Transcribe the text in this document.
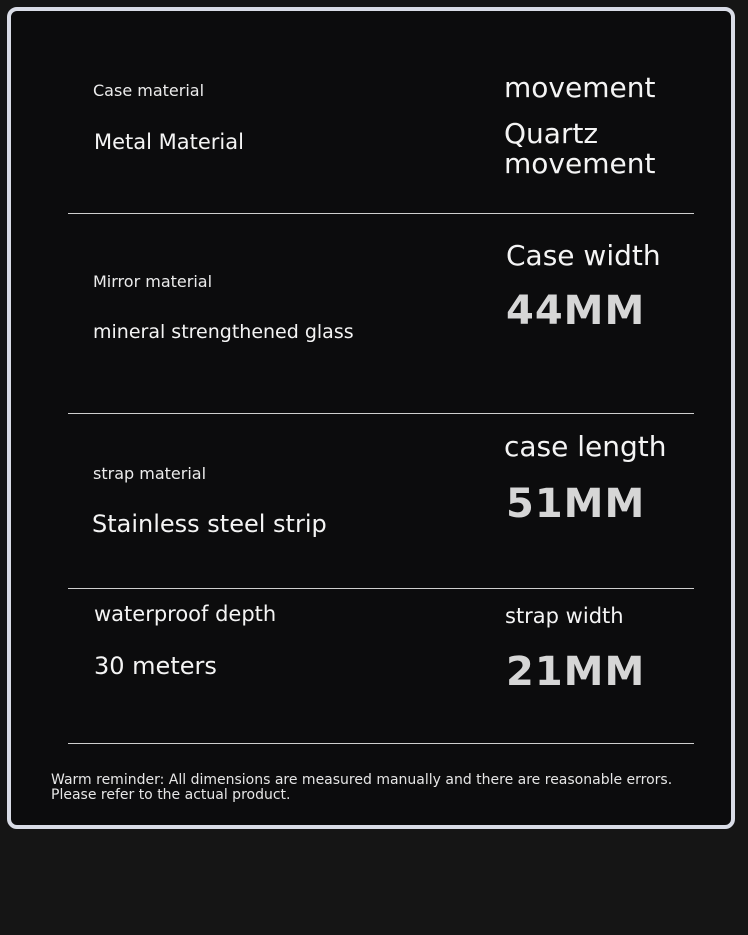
Case material
Metal Material
movement
Quartz
movement
Mirror material
mineral strengthened glass
Case width
44MM
strap material
Stainless steel strip
case length
51MM
waterproof depth
30 meters
strap width
21MM
Warm reminder: All dimensions are measured manually and there are reasonable errors.
Please refer to the actual product.
